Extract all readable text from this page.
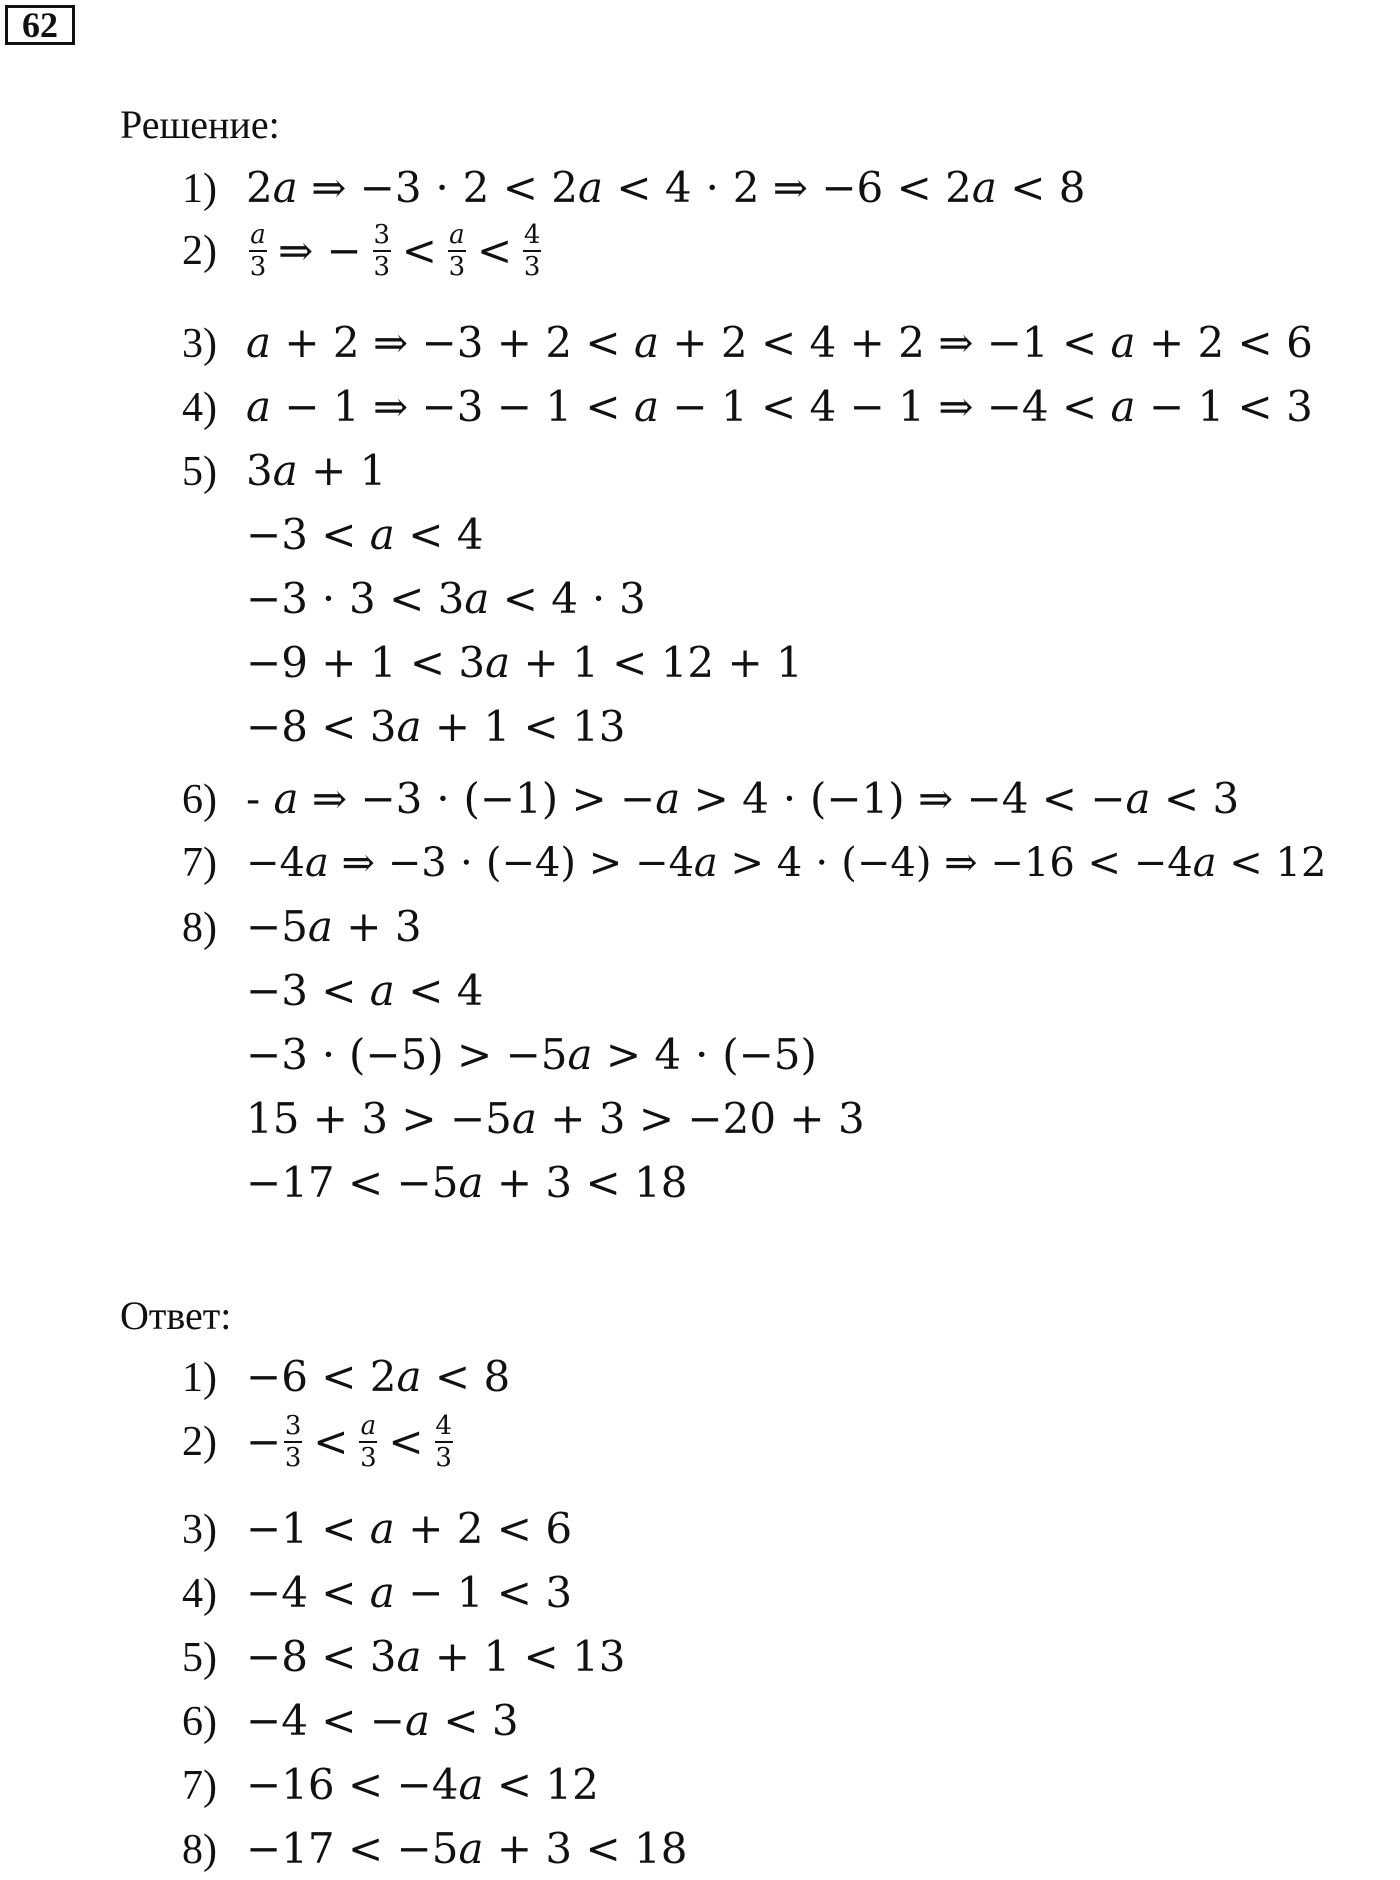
62
Решение:
1) 2𝑎 ⇒ −3 ⋅ 2 < 2𝑎 < 4 ⋅ 2 ⇒ −6 < 2𝑎 < 8
$2) \frac{\text{𝑎}}{3}$ ⇒ − $\frac{3}{3} < \frac{\text{𝑎}}{3} < \frac{4}{3}$
3) 𝑎 + 2 ⇒ −3 + 2 < 𝑎 + 2 < 4 + 2 ⇒ −1 < 𝑎 + 2 < 6
4) 𝑎 − 1 ⇒ −3 − 1 < 𝑎 − 1 < 4 − 1 ⇒ −4 < 𝑎 − 1 < 3
5) 3𝑎 + 1
−3 < 𝑎 < 4
−3 ⋅ 3 < 3𝑎 < 4 ⋅ 3
−9 + 1 < 3𝑎 + 1 < 12 + 1
−8 < 3𝑎 + 1 < 13
6) - 𝑎 ⇒ −3 ⋅ (−1) > −𝑎 > 4 ⋅ (−1) ⇒ −4 < −𝑎 < 3
7) −4𝑎 ⇒ −3 ⋅ (−4) > −4𝑎 > 4 ⋅ (−4) ⇒ −16 < −4𝑎 < 12
8) −5𝑎 + 3
−3 < 𝑎 < 4
−3 ⋅ (−5) > −5𝑎 > 4 ⋅ (−5)
15 + 3 > −5𝑎 + 3 > −20 + 3
−17 < −5𝑎 + 3 < 18
Ответ:
1) −6 < 2𝑎 < 8
$2) - \frac{3}{3} < \frac{\text{𝑎}}{3} < \frac{4}{3}$
3) −1 < 𝑎 + 2 < 6
4) −4 < 𝑎 − 1 < 3
5) −8 < 3𝑎 + 1 < 13
6) −4 < −𝑎 < 3
7) −16 < −4𝑎 < 12
8) −17 < −5𝑎 + 3 < 18
